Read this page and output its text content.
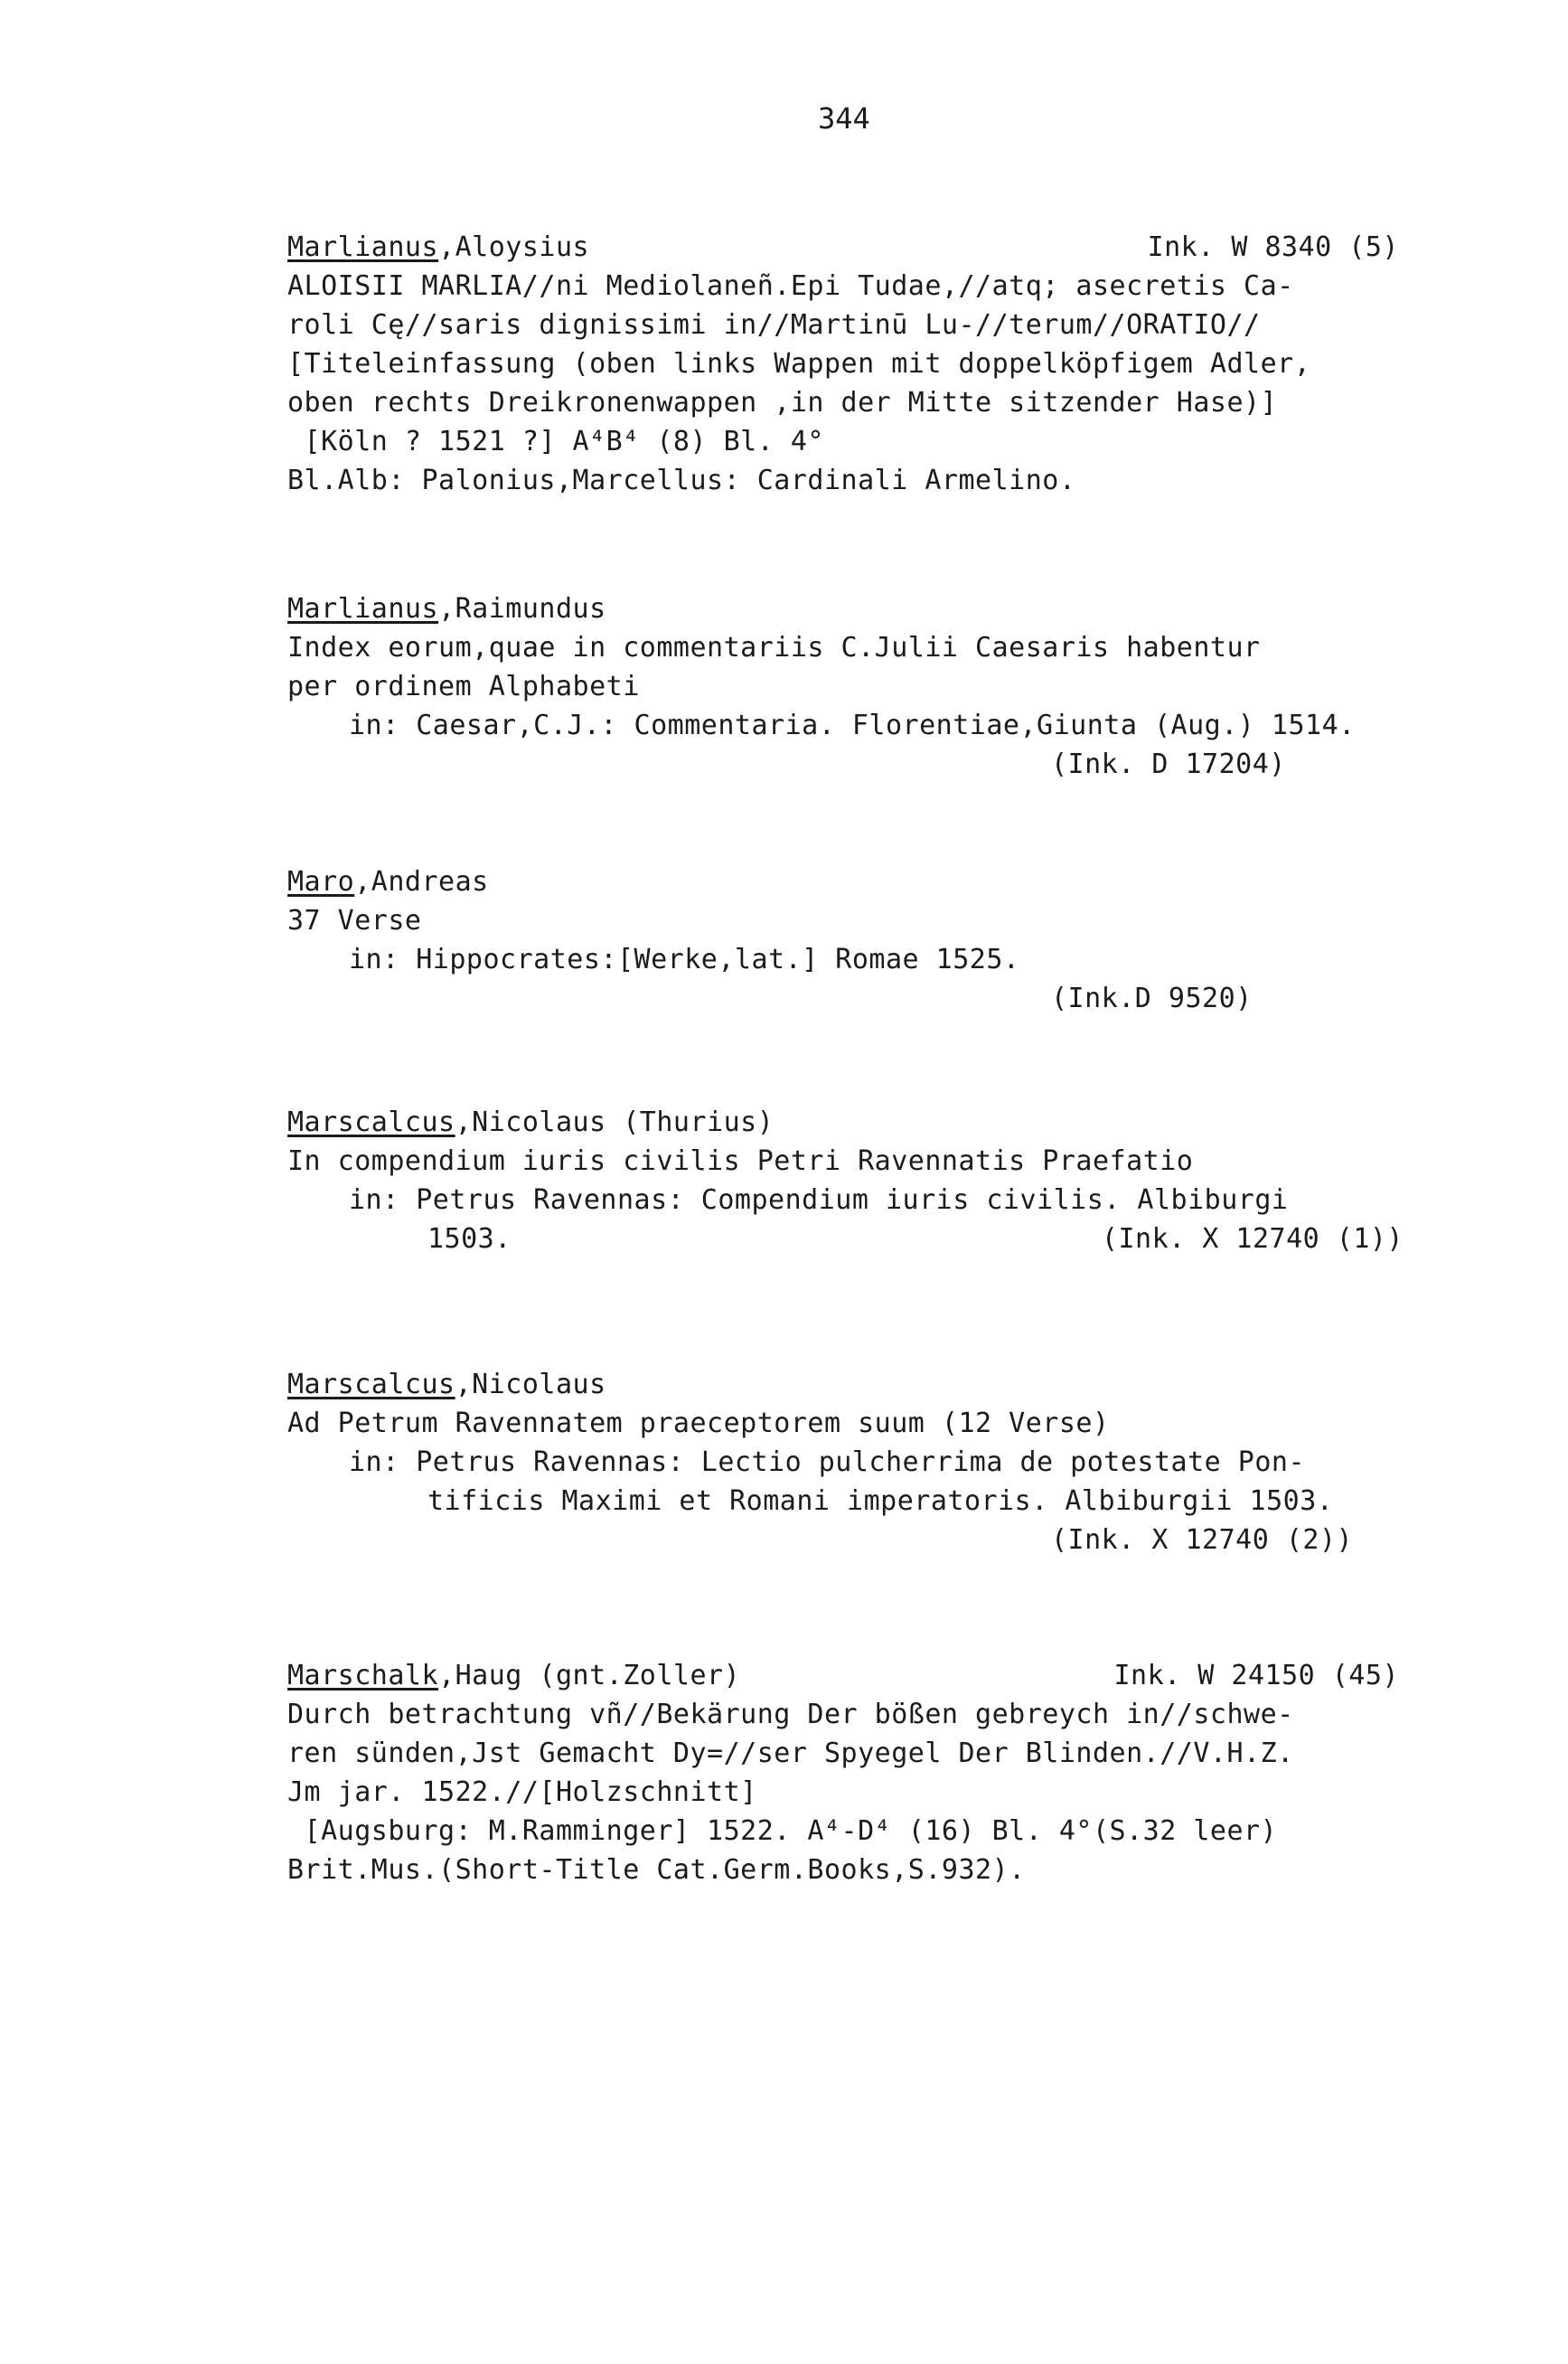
344
Marlianus,Aloysius	Ink. W 8340 (5)
ALOISII MARLIA//ni Mediolaneñ.Epi Tudae,//atq; asecretis Ca-
roli Cę//saris dignissimi in//Martinū Lu-//terum//ORATIO//
[Titeleinfassung (oben links Wappen mit doppelköpfigem Adler,
oben rechts Dreikronenwappen ,in der Mitte sitzender Hase)]
[Köln ? 1521 ?] A⁴B⁴ (8) Bl. 4°
Bl.Alb: Palonius,Marcellus: Cardinali Armelino.
Marlianus,Raimundus
Index eorum,quae in commentariis C.Julii Caesaris habentur
per ordinem Alphabeti
in: Caesar,C.J.: Commentaria. Florentiae,Giunta (Aug.) 1514.
(Ink. D 17204)
Maro,Andreas
37 Verse
in: Hippocrates:[Werke,lat.] Romae 1525.
(Ink.D 9520)
Marscalcus,Nicolaus (Thurius)
In compendium iuris civilis Petri Ravennatis Praefatio
in: Petrus Ravennas: Compendium iuris civilis. Albiburgi
1503.	(Ink. X 12740 (1))
Marscalcus,Nicolaus
Ad Petrum Ravennatem praeceptorem suum (12 Verse)
in: Petrus Ravennas: Lectio pulcherrima de potestate Pon-
tificis Maximi et Romani imperatoris. Albiburgii 1503.
(Ink. X 12740 (2))
Marschalk,Haug (gnt.Zoller)	Ink. W 24150 (45)
Durch betrachtung vñ//Bekärung Der bößen gebreych in//schwe-
ren sünden,Jst Gemacht Dy=//ser Spyegel Der Blinden.//V.H.Z.
Jm jar. 1522.//[Holzschnitt]
[Augsburg: M.Ramminger] 1522. A⁴-D⁴ (16) Bl. 4°(S.32 leer)
Brit.Mus.(Short-Title Cat.Germ.Books,S.932).
